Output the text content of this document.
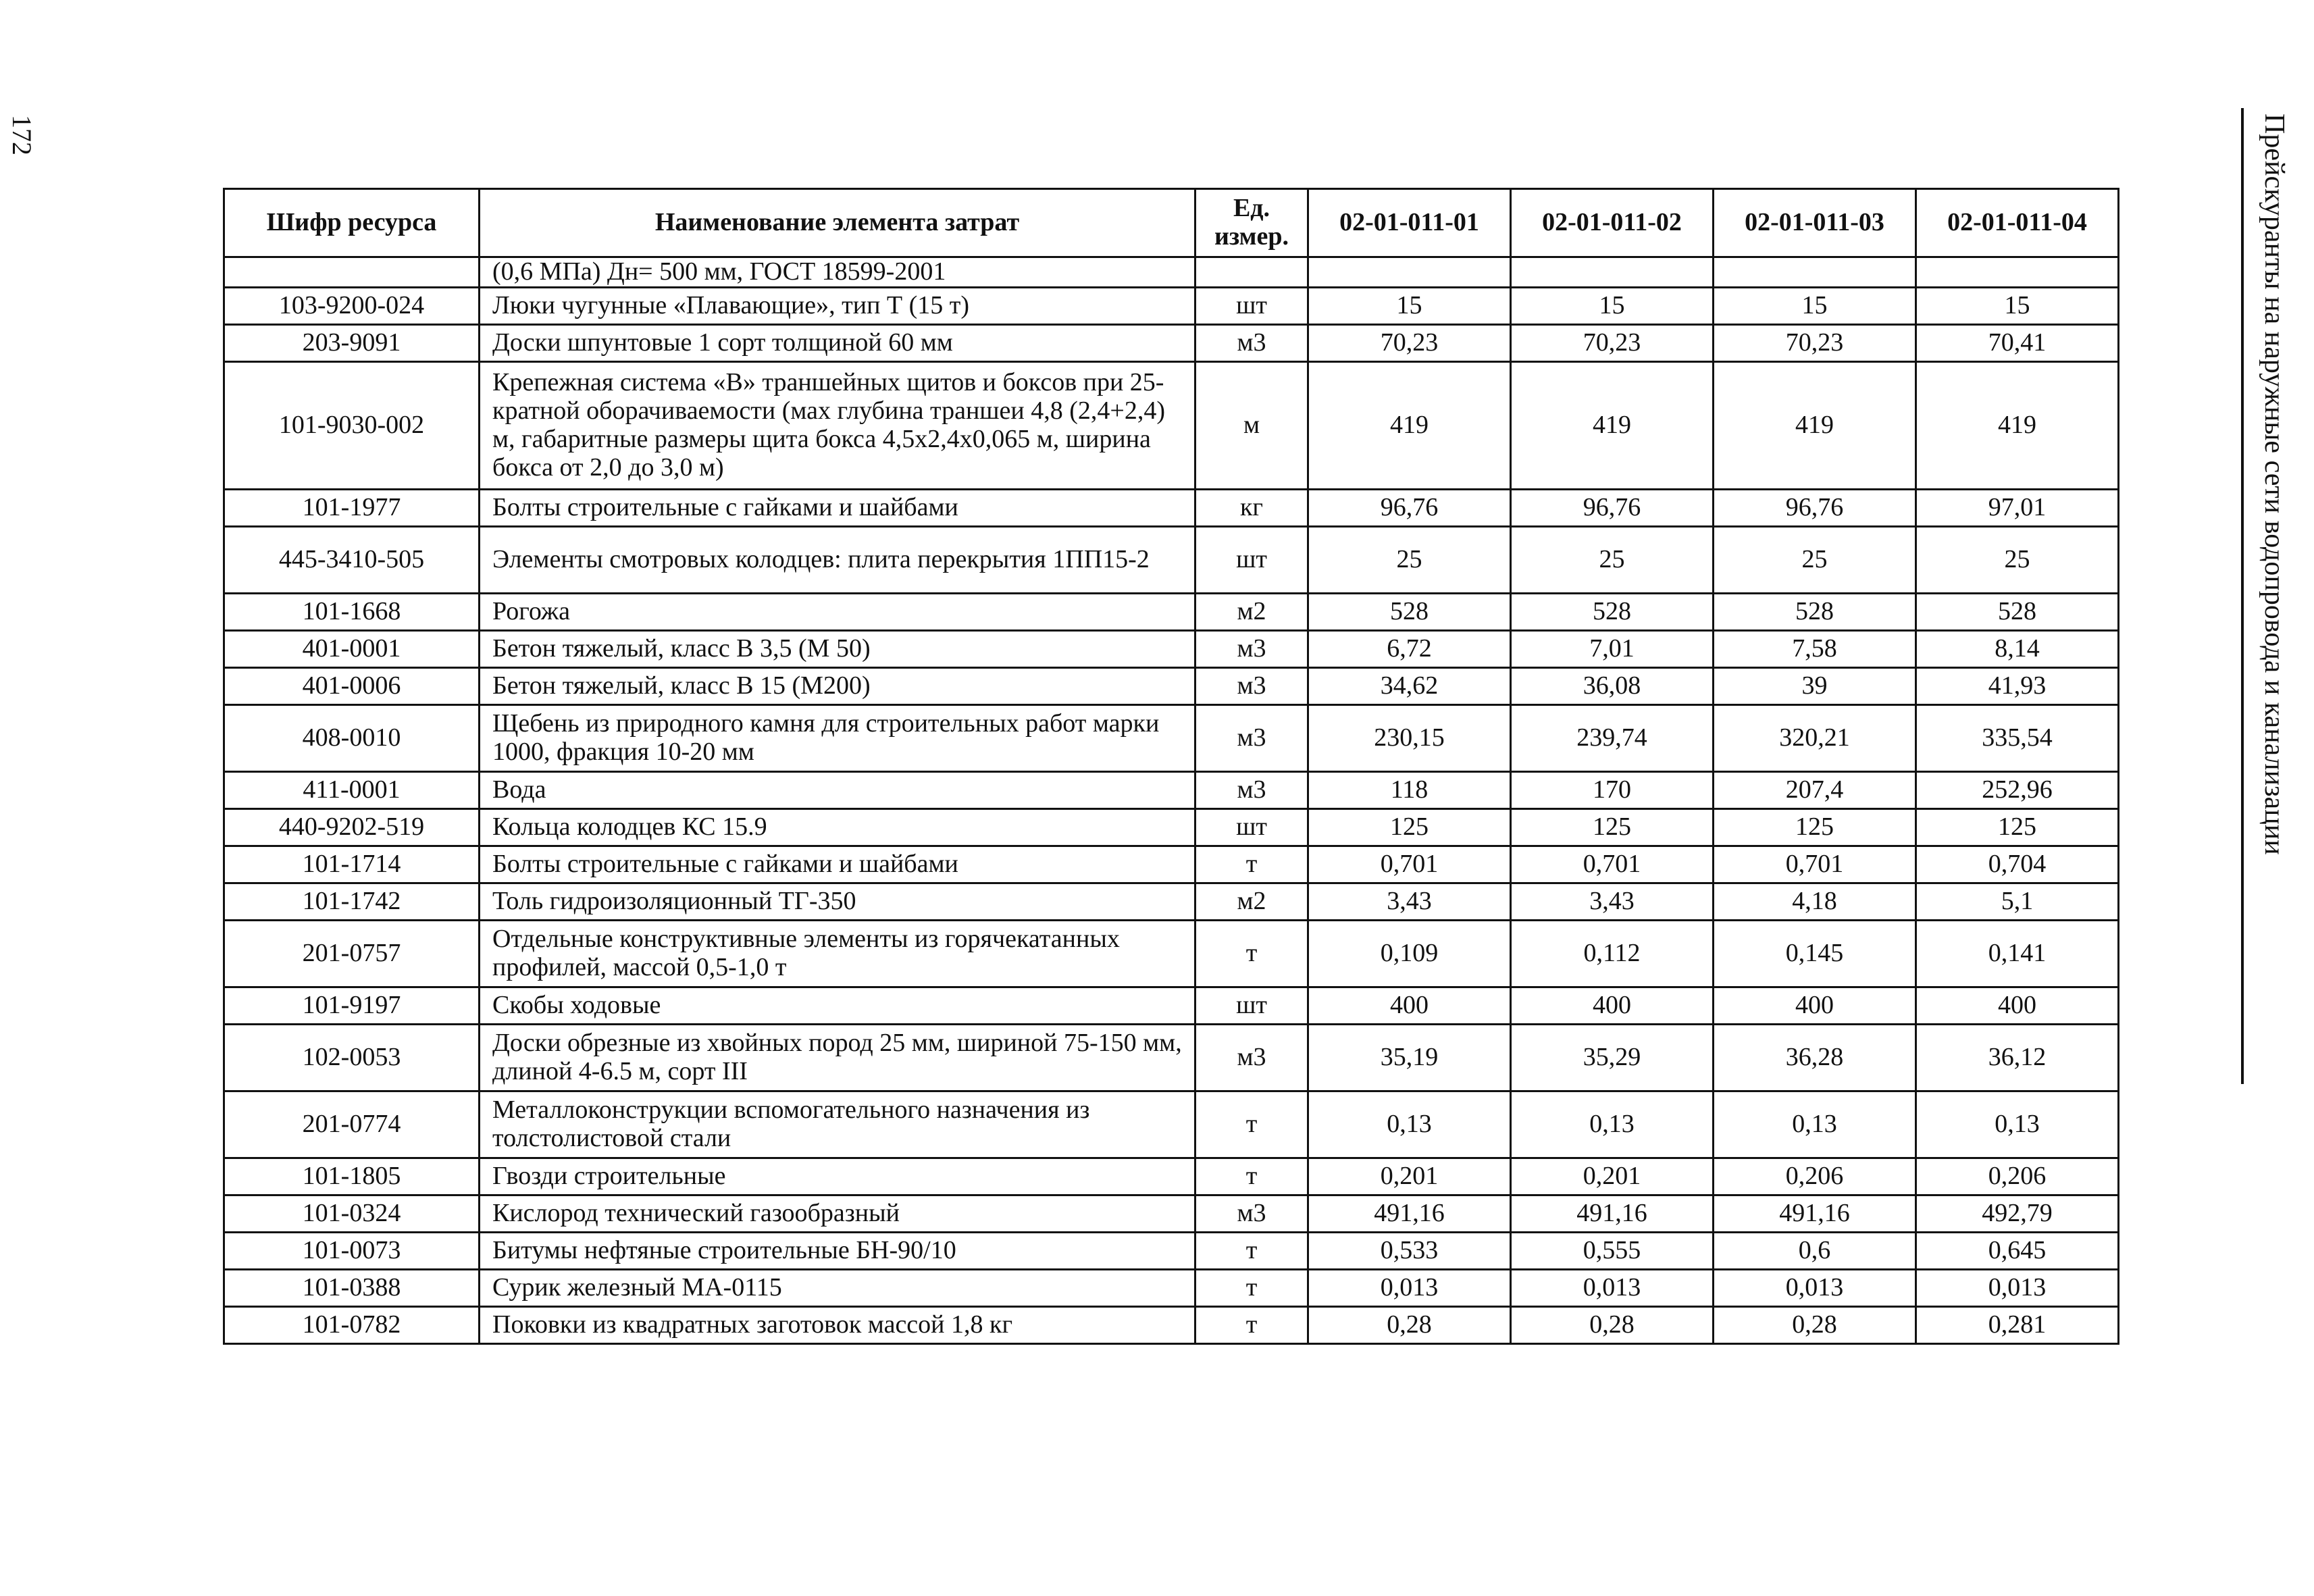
172	Прейскуранты на наружные сети водопровода и канализации
Шифр ресурса	Наименование элемента затрат	Ед. измер.	02-01-011-01	02-01-011-02	02-01-011-03	02-01-011-04
	(0,6 МПа) Дн= 500 мм, ГОСТ 18599-2001					
103-9200-024	Люки чугунные «Плавающие», тип Т (15 т)	шт	15	15	15	15
203-9091	Доски шпунтовые 1 сорт толщиной 60 мм	м3	70,23	70,23	70,23	70,41
101-9030-002	Крепежная система «В» траншейных щитов и боксов при 25-кратной оборачиваемости (мах глубина траншеи 4,8 (2,4+2,4) м, габаритные размеры щита бокса 4,5х2,4х0,065 м, ширина бокса от 2,0 до 3,0 м)	м	419	419	419	419
101-1977	Болты строительные с гайками и шайбами	кг	96,76	96,76	96,76	97,01
445-3410-505	Элементы смотровых колодцев: плита перекрытия 1ПП15-2	шт	25	25	25	25
101-1668	Рогожа	м2	528	528	528	528
401-0001	Бетон тяжелый, класс В 3,5 (М 50)	м3	6,72	7,01	7,58	8,14
401-0006	Бетон тяжелый, класс В 15 (М200)	м3	34,62	36,08	39	41,93
408-0010	Щебень из природного камня для строительных работ марки 1000, фракция 10-20 мм	м3	230,15	239,74	320,21	335,54
411-0001	Вода	м3	118	170	207,4	252,96
440-9202-519	Кольца колодцев КС 15.9	шт	125	125	125	125
101-1714	Болты строительные с гайками и шайбами	т	0,701	0,701	0,701	0,704
101-1742	Толь гидроизоляционный ТГ-350	м2	3,43	3,43	4,18	5,1
201-0757	Отдельные конструктивные элементы из горячекатанных профилей, массой 0,5-1,0 т	т	0,109	0,112	0,145	0,141
101-9197	Скобы ходовые	шт	400	400	400	400
102-0053	Доски обрезные из хвойных пород 25 мм, шириной 75-150 мм, длиной 4-6.5 м, сорт III	м3	35,19	35,29	36,28	36,12
201-0774	Металлоконструкции вспомогательного назначения из толстолистовой стали	т	0,13	0,13	0,13	0,13
101-1805	Гвозди строительные	т	0,201	0,201	0,206	0,206
101-0324	Кислород технический газообразный	м3	491,16	491,16	491,16	492,79
101-0073	Битумы нефтяные строительные БН-90/10	т	0,533	0,555	0,6	0,645
101-0388	Сурик железный МА-0115	т	0,013	0,013	0,013	0,013
101-0782	Поковки из квадратных заготовок массой 1,8 кг	т	0,28	0,28	0,28	0,281
